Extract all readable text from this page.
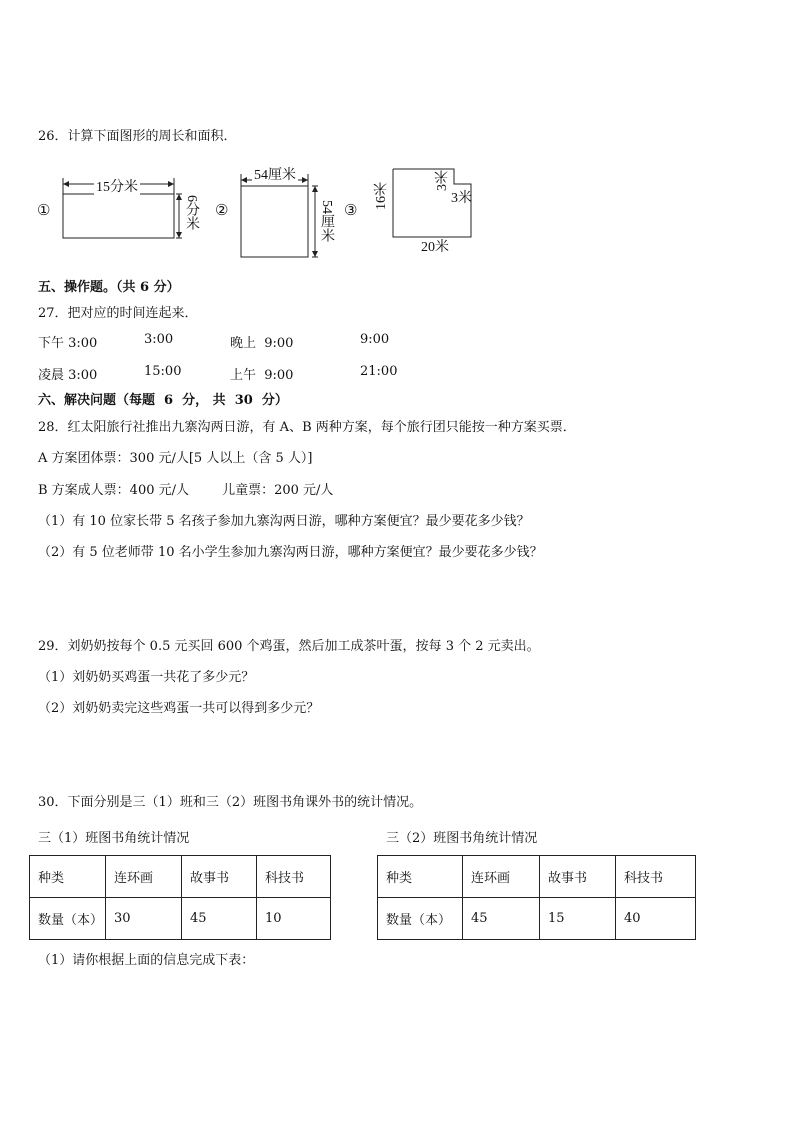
26．计算下面图形的周长和面积．
①
15分米
6分米 ②
54厘米
54厘米 ③
16米
20米
3米
3米
五、操作题。（共 6 分）
27．把对应的时间连起来．
下午 3:00	3:00	晚上  9:00	9:00
凌晨 3:00	15:00	上午  9:00	21:00
六、解决问题（每题  6  分， 共  30  分）
28．红太阳旅行社推出九寨沟两日游，有 A、B 两种方案，每个旅行团只能按一种方案买票．
A 方案团体票：300 元/人[5 人以上（含 5 人）]
B 方案成人票：400 元/人        儿童票：200 元/人
（1）有 10 位家长带 5 名孩子参加九寨沟两日游，哪种方案便宜？最少要花多少钱？
（2）有 5 位老师带 10 名小学生参加九寨沟两日游，哪种方案便宜？最少要花多少钱？
29．刘奶奶按每个 0.5 元买回 600 个鸡蛋，然后加工成茶叶蛋，按每 3 个 2 元卖出。
（1）刘奶奶买鸡蛋一共花了多少元？
（2）刘奶奶卖完这些鸡蛋一共可以得到多少元？
30．下面分别是三（1）班和三（2）班图书角课外书的统计情况。
三（1）班图书角统计情况	三（2）班图书角统计情况
种类	连环画	故事书	科技书
数量（本）	30	45	10
种类	连环画	故事书	科技书
数量（本）	45	15	40
（1）请你根据上面的信息完成下表：
